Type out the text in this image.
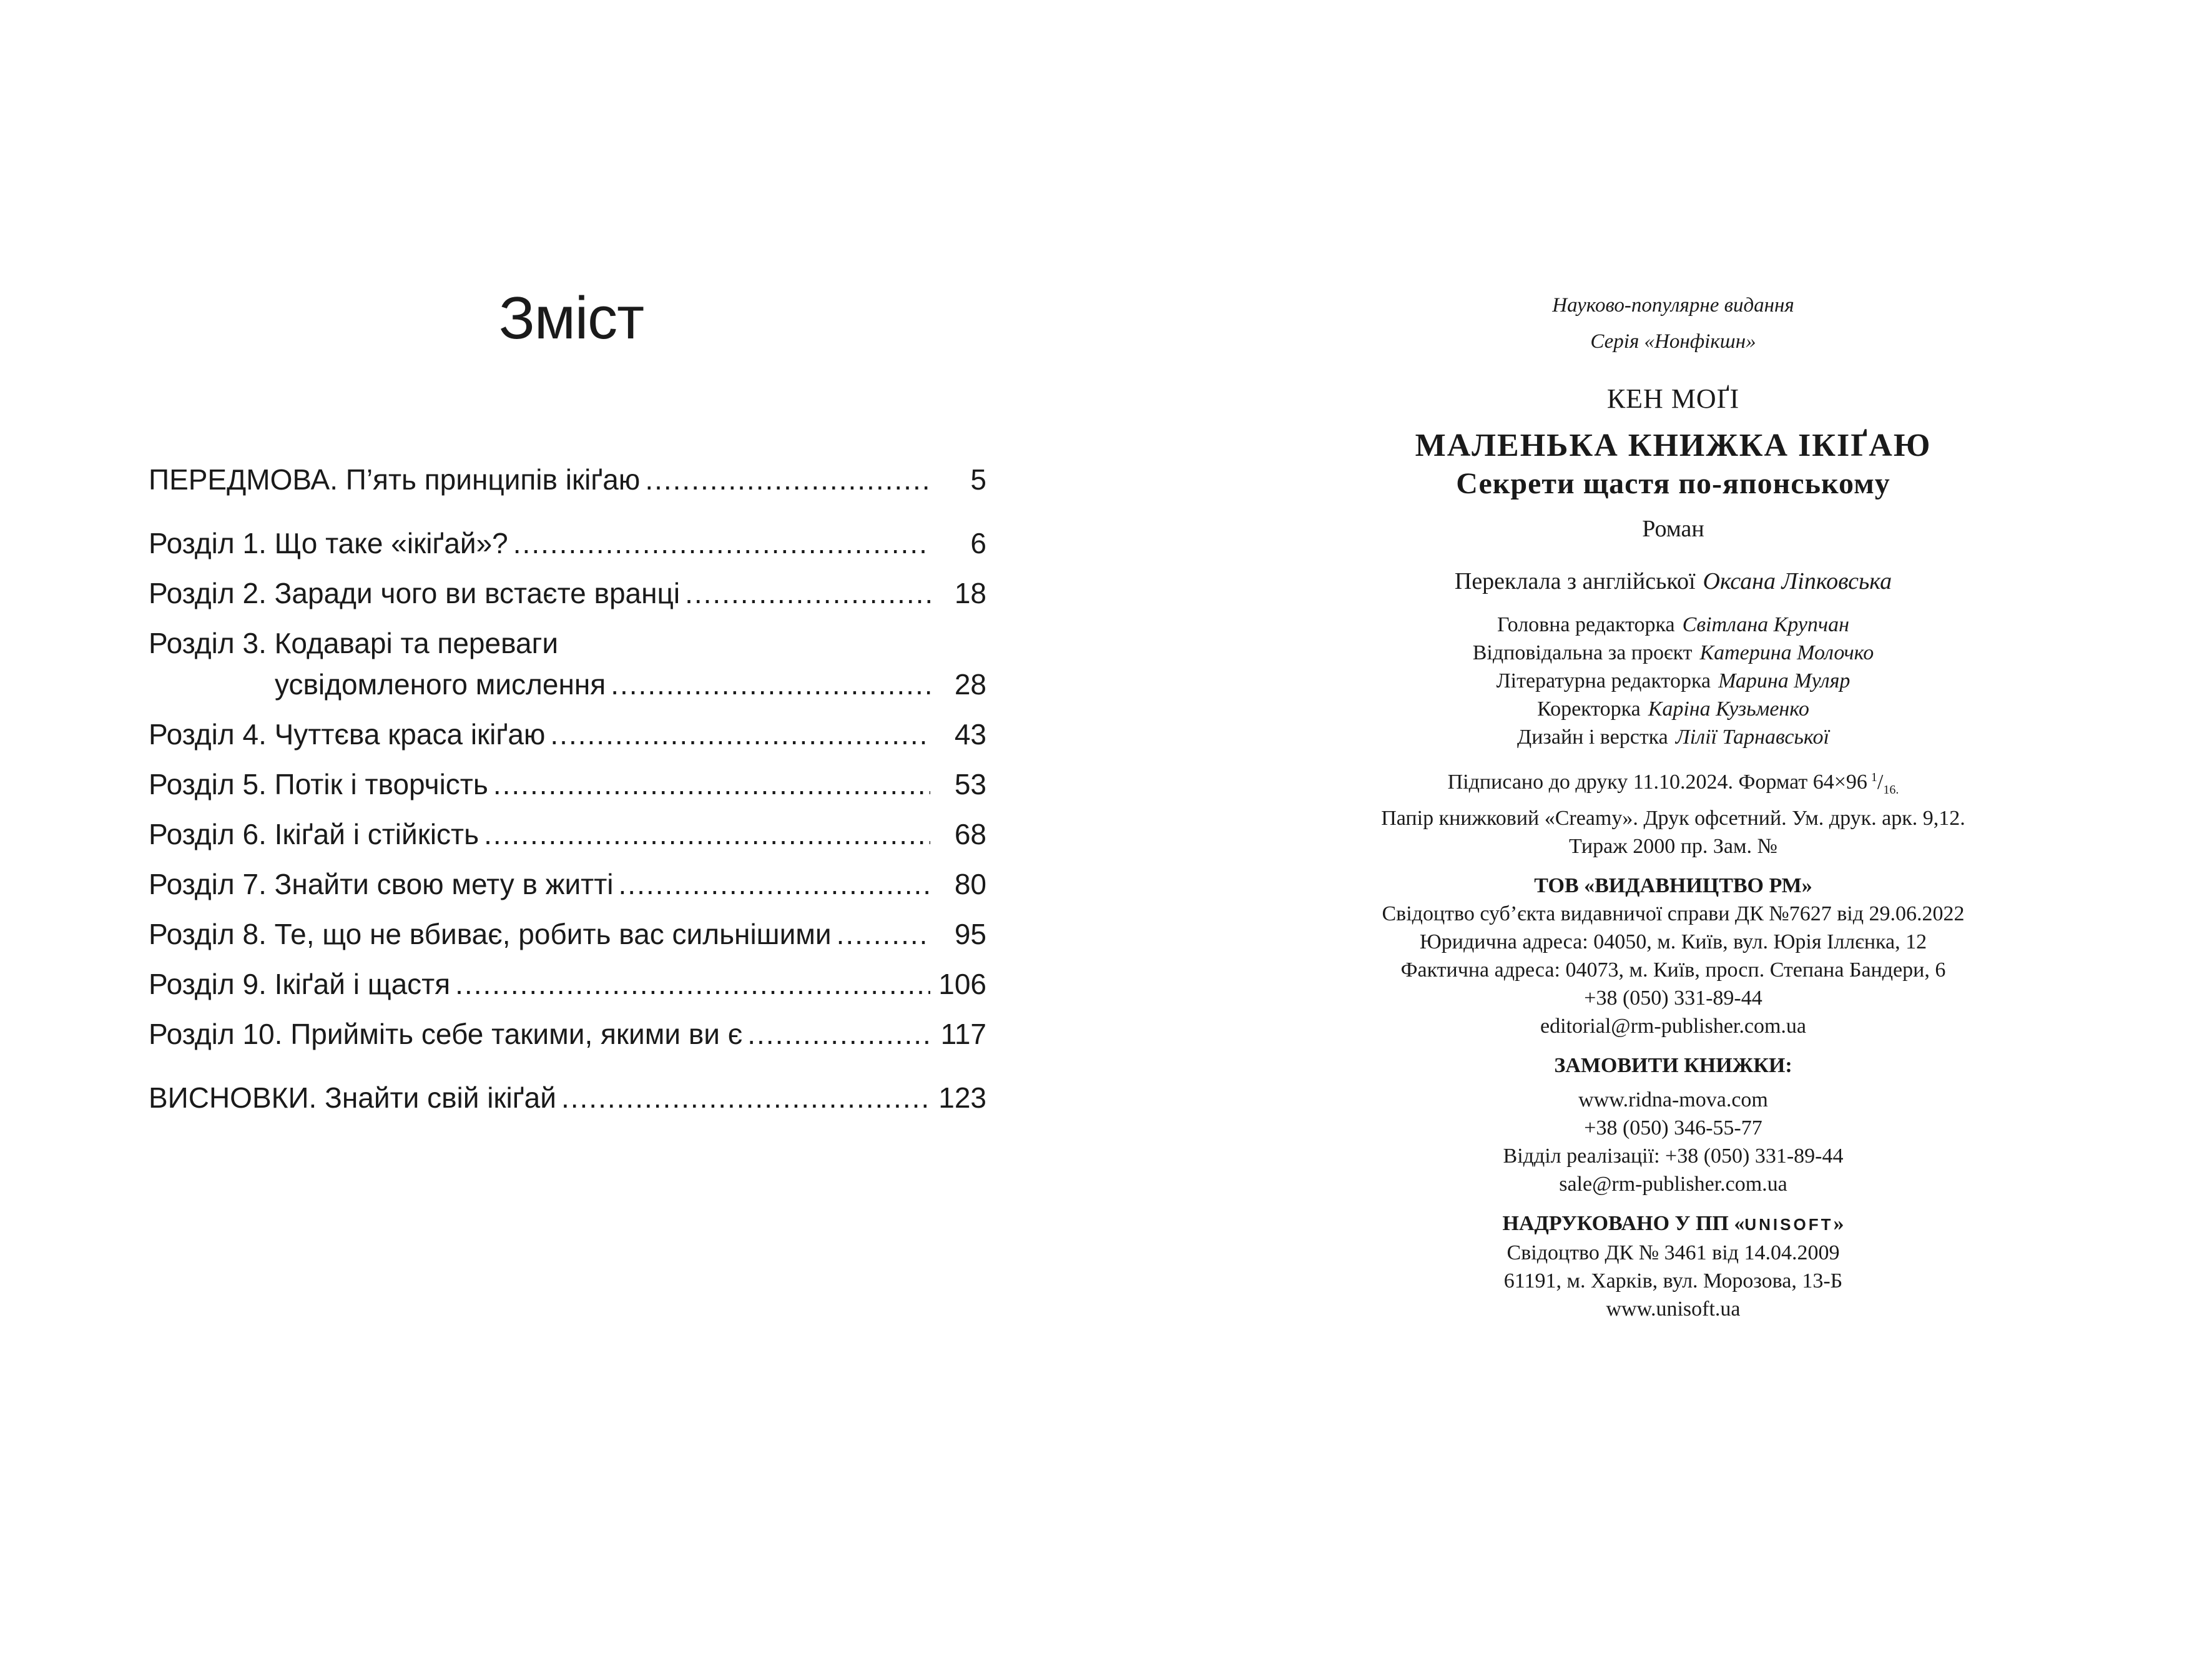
Зміст
ПЕРЕДМОВА. П’ять принципів ікіґаю .....	5
Розділ 1. Що таке «ікіґай»? .....	6
Розділ 2. Заради чого ви встаєте вранці .....	18
Розділ 3. Кодаварі та переваги
усвідомленого мислення .....	28
Розділ 4. Чуттєва краса ікіґаю .....	43
Розділ 5. Потік і творчість .....	53
Розділ 6. Ікіґай і стійкість .....	68
Розділ 7. Знайти свою мету в житті .....	80
Розділ 8. Те, що не вбиває, робить вас сильнішими .....	95
Розділ 9. Ікіґай і щастя .....	106
Розділ 10. Прийміть себе такими, якими ви є .....	117
ВИСНОВКИ. Знайти свій ікіґай .....	123
Науково-популярне видання
Серія «Нонфікшн»
КЕН МОҐІ
МАЛЕНЬКА КНИЖКА ІКІҐАЮ
Секрети щастя по-японському
Роман
Переклала з англійської Оксана Ліпковська
Головна редакторка Світлана Крупчан
Відповідальна за проєкт Катерина Молочко
Літературна редакторка Марина Муляр
Коректорка Каріна Кузьменко
Дизайн і верстка Лілії Тарнавської
Підписано до друку 11.10.2024. Формат 64×96 $^1/_{16.}$
Папір книжковий «Creamy». Друк офсетний. Ум. друк. арк. 9,12.
Тираж 2000 пр. Зам. №
ТОВ «ВИДАВНИЦТВО РМ»
Свідоцтво суб’єкта видавничої справи ДК №7627 від 29.06.2022
Юридична адреса: 04050, м. Київ, вул. Юрія Іллєнка, 12
Фактична адреса: 04073, м. Київ, просп. Степана Бандери, 6
+38 (050) 331-89-44
editorial@rm-publisher.com.ua
ЗАМОВИТИ КНИЖКИ:
www.ridna-mova.com
+38 (050) 346-55-77
Відділ реалізації: +38 (050) 331-89-44
sale@rm-publisher.com.ua
НАДРУКОВАНО У ПП «UNISOFT»
Свідоцтво ДК № 3461 від 14.04.2009
61191, м. Харків, вул. Морозова, 13-Б
www.unisoft.ua
